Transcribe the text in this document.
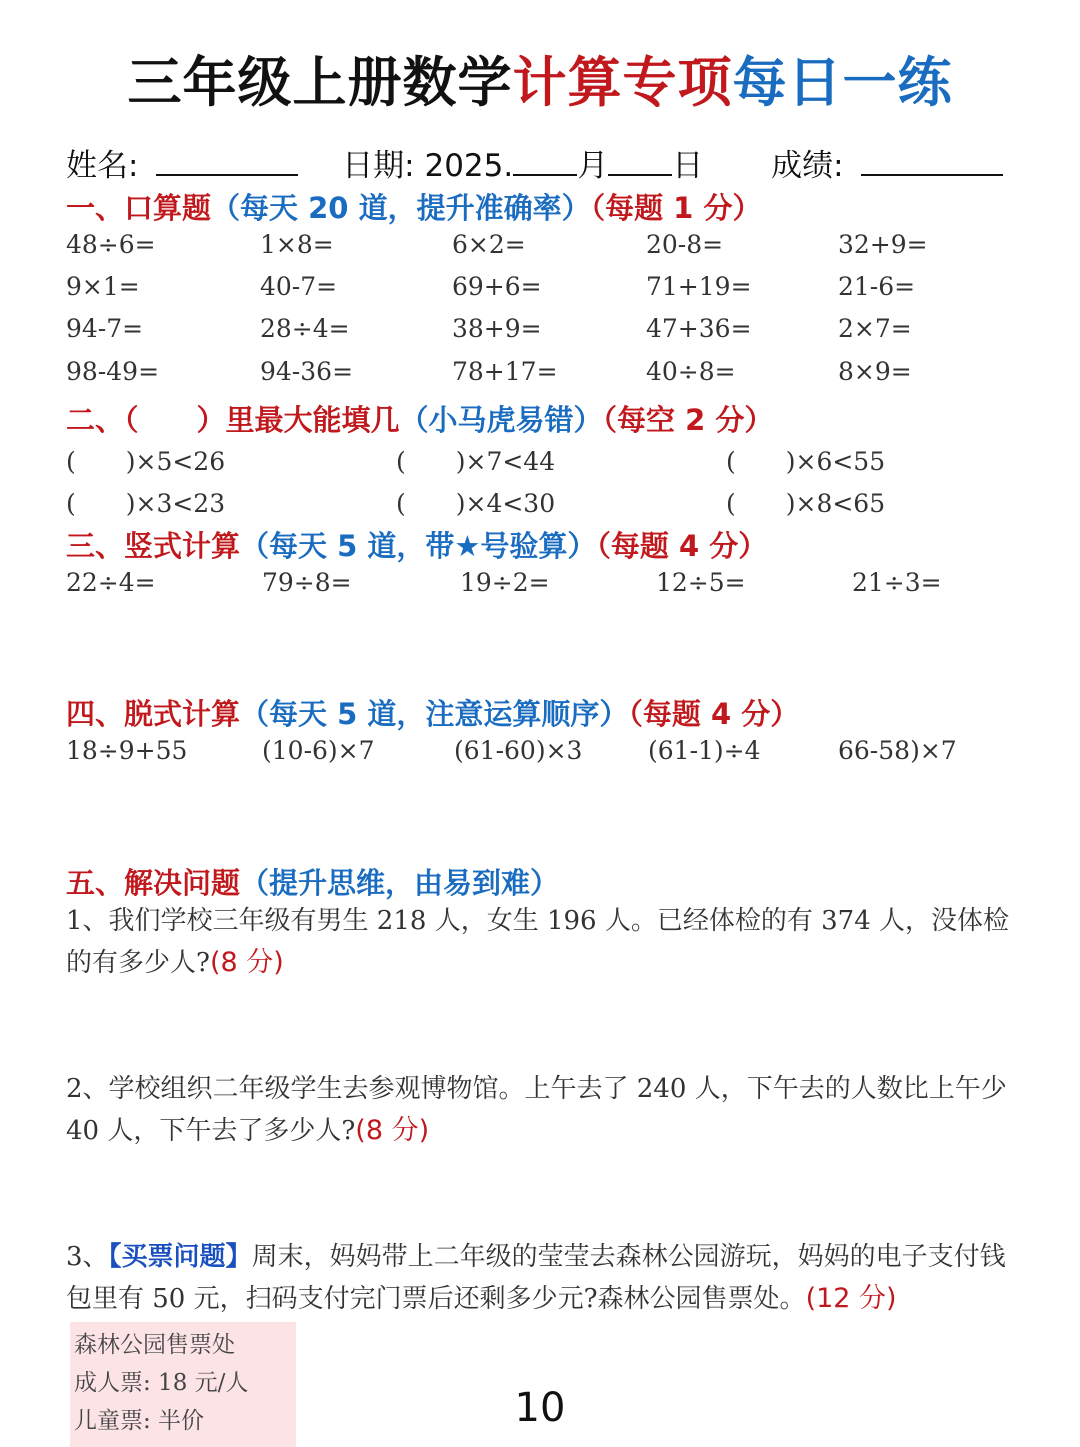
三年级上册数学计算专项每日一练
姓名:	日期: 2025. 月 日 成绩:
一、口算题（每天 20 道，提升准确率）（每题 1 分）
48÷6=	1×8=	6×2=	20-8=	32+9=
9×1=	40-7=	69+6=	71+19=	21-6=
94-7=	28÷4=	38+9=	47+36=	2×7=
98-49=	94-36=	78+17=	40÷8=	8×9=
二、（　　）里最大能填几（小马虎易错）（每空 2 分）
(　　)×5<26	(　　)×7<44	(　　)×6<55
(　　)×3<23	(　　)×4<30	(　　)×8<65
三、竖式计算（每天 5 道，带★号验算）（每题 4 分）
22÷4=	79÷8=	19÷2=	12÷5=	21÷3=
四、脱式计算（每天 5 道，注意运算顺序）（每题 4 分）
18÷9+55	(10-6)×7	(61-60)×3	(61-1)÷4	66-58)×7
五、解决问题（提升思维，由易到难）
1、我们学校三年级有男生 218 人，女生 196 人。已经体检的有 374 人，没体检的有多少人?(8 分)
2、学校组织二年级学生去参观博物馆。上午去了 240 人，下午去的人数比上午少 40 人，下午去了多少人?(8 分)
3、【买票问题】周末，妈妈带上二年级的莹莹去森林公园游玩，妈妈的电子支付钱包里有 50 元，扫码支付完门票后还剩多少元?森林公园售票处。(12 分)
森林公园售票处
成人票: 18 元/人
儿童票: 半价	10
